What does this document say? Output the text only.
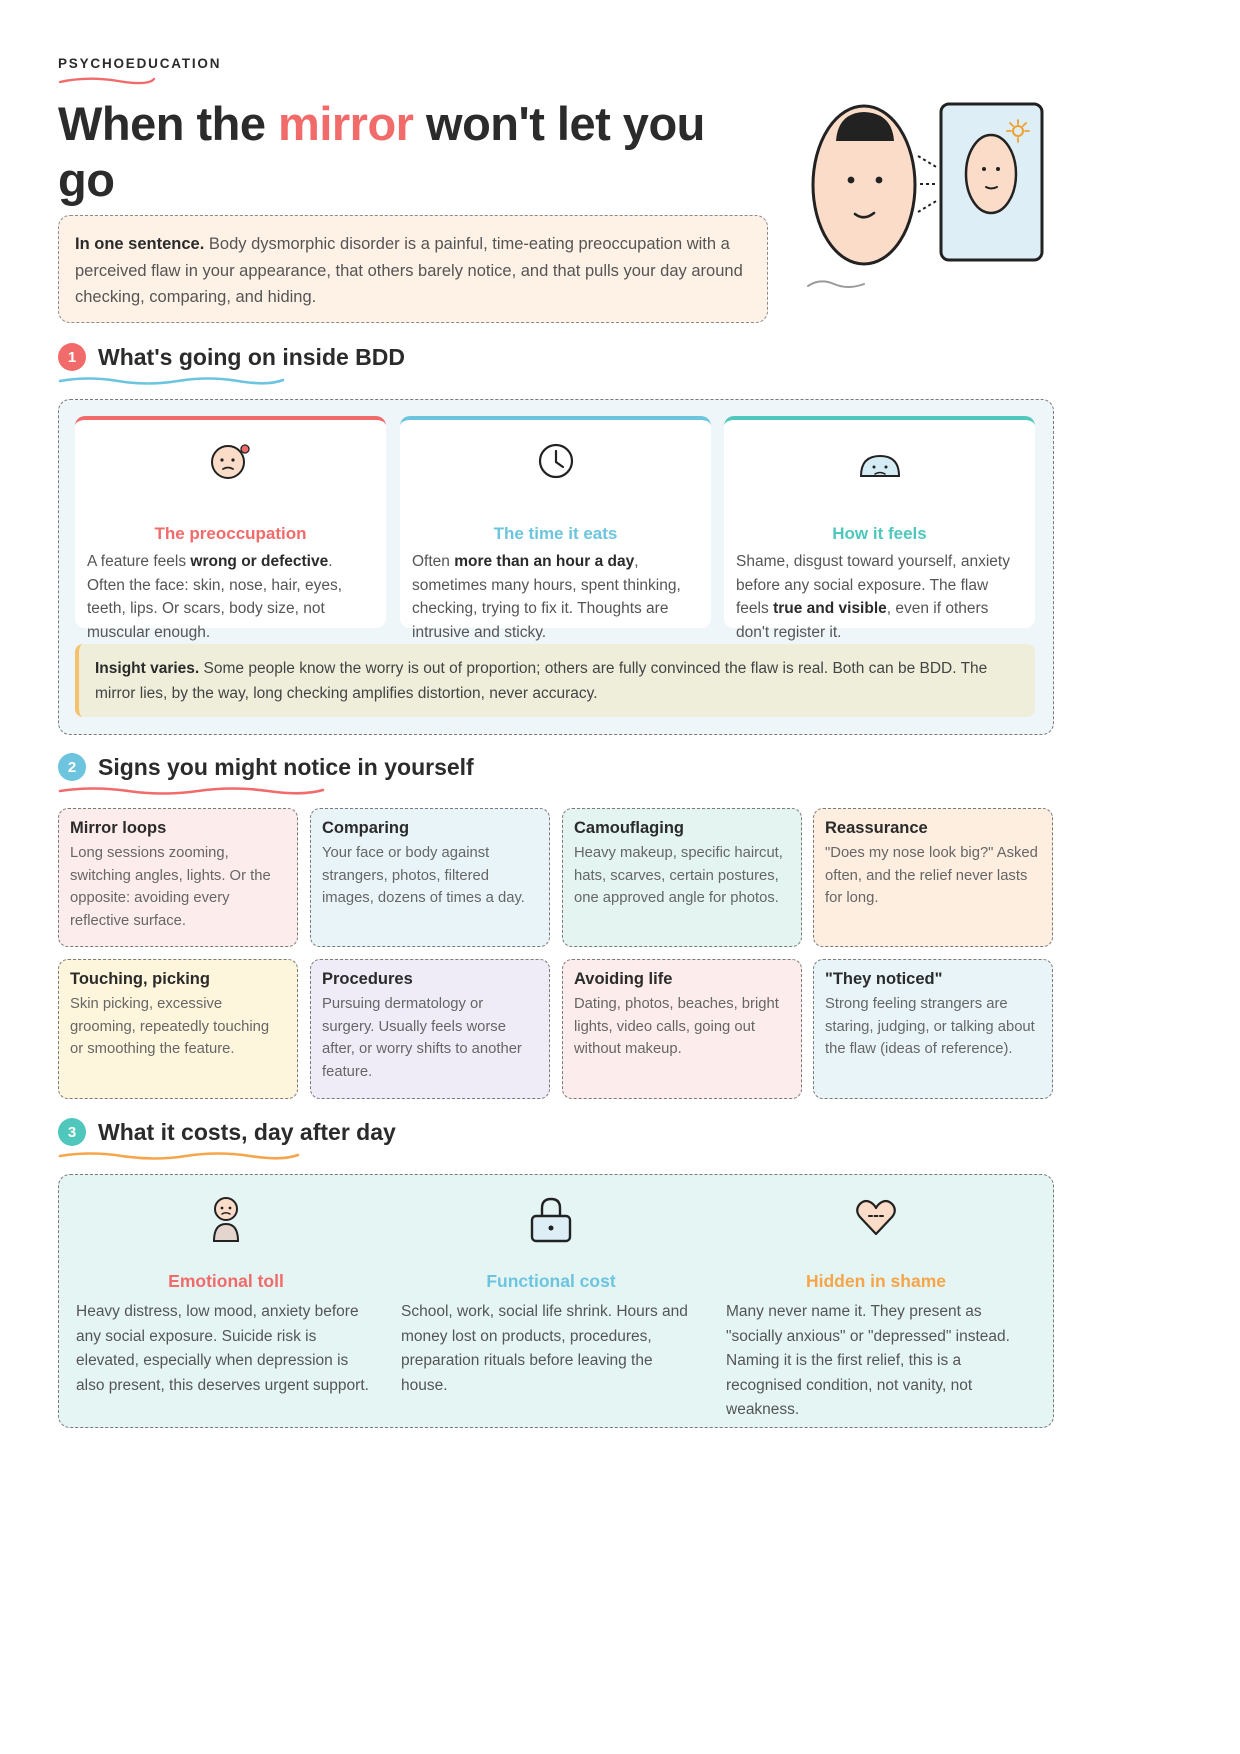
PSYCHOEDUCATION
When the mirror won't let you go
In one sentence. Body dysmorphic disorder is a painful, time-eating preoccupation with a perceived flaw in your appearance, that others barely notice, and that pulls your day around checking, comparing, and hiding.
1 What's going on inside BDD
The preoccupation
A feature feels wrong or defective. Often the face: skin, nose, hair, eyes, teeth, lips. Or scars, body size, not muscular enough.
The time it eats
Often more than an hour a day, sometimes many hours, spent thinking, checking, trying to fix it. Thoughts are intrusive and sticky.
How it feels
Shame, disgust toward yourself, anxiety before any social exposure. The flaw feels true and visible, even if others don't register it.
Insight varies. Some people know the worry is out of proportion; others are fully convinced the flaw is real. Both can be BDD. The mirror lies, by the way, long checking amplifies distortion, never accuracy.
2 Signs you might notice in yourself
Mirror loops
Long sessions zooming, switching angles, lights. Or the opposite: avoiding every reflective surface.
Comparing
Your face or body against strangers, photos, filtered images, dozens of times a day.
Camouflaging
Heavy makeup, specific haircut, hats, scarves, certain postures, one approved angle for photos.
Reassurance
"Does my nose look big?" Asked often, and the relief never lasts for long.
Touching, picking
Skin picking, excessive grooming, repeatedly touching or smoothing the feature.
Procedures
Pursuing dermatology or surgery. Usually feels worse after, or worry shifts to another feature.
Avoiding life
Dating, photos, beaches, bright lights, video calls, going out without makeup.
"They noticed"
Strong feeling strangers are staring, judging, or talking about the flaw (ideas of reference).
3 What it costs, day after day
Emotional toll
Heavy distress, low mood, anxiety before any social exposure. Suicide risk is elevated, especially when depression is also present, this deserves urgent support.
Functional cost
School, work, social life shrink. Hours and money lost on products, procedures, preparation rituals before leaving the house.
Hidden in shame
Many never name it. They present as "socially anxious" or "depressed" instead. Naming it is the first relief, this is a recognised condition, not vanity, not weakness.
